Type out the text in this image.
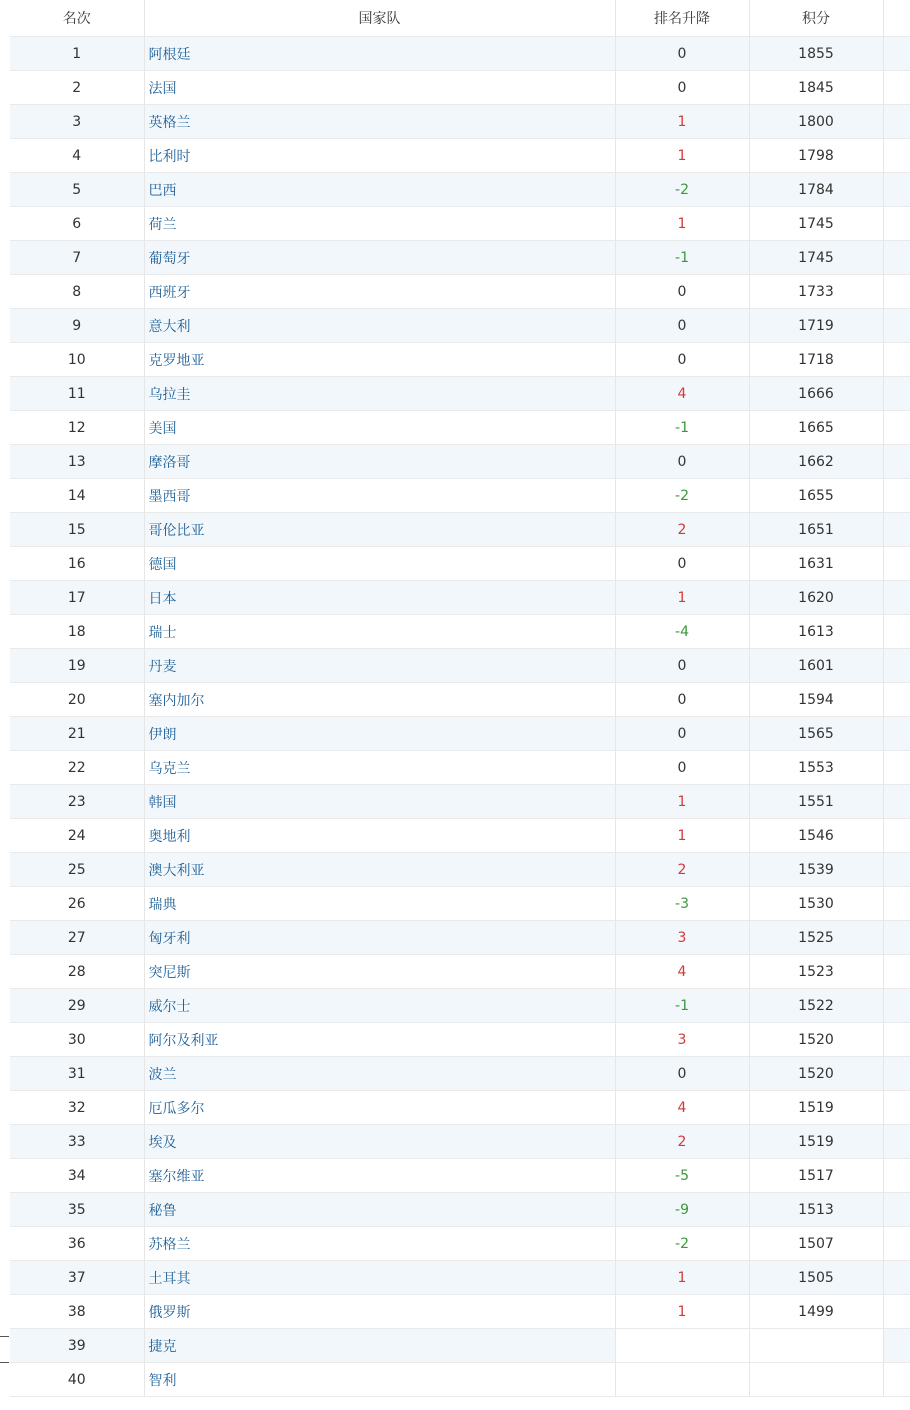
名次	国家队	排名升降	积分	
1	阿根廷	0	1855	
2	法国	0	1845	
3	英格兰	1	1800	
4	比利时	1	1798	
5	巴西	-2	1784	
6	荷兰	1	1745	
7	葡萄牙	-1	1745	
8	西班牙	0	1733	
9	意大利	0	1719	
10	克罗地亚	0	1718	
11	乌拉圭	4	1666	
12	美国	-1	1665	
13	摩洛哥	0	1662	
14	墨西哥	-2	1655	
15	哥伦比亚	2	1651	
16	德国	0	1631	
17	日本	1	1620	
18	瑞士	-4	1613	
19	丹麦	0	1601	
20	塞内加尔	0	1594	
21	伊朗	0	1565	
22	乌克兰	0	1553	
23	韩国	1	1551	
24	奥地利	1	1546	
25	澳大利亚	2	1539	
26	瑞典	-3	1530	
27	匈牙利	3	1525	
28	突尼斯	4	1523	
29	威尔士	-1	1522	
30	阿尔及利亚	3	1520	
31	波兰	0	1520	
32	厄瓜多尔	4	1519	
33	埃及	2	1519	
34	塞尔维亚	-5	1517	
35	秘鲁	-9	1513	
36	苏格兰	-2	1507	
37	土耳其	1	1505	
38	俄罗斯	1	1499	
39	捷克			
40	智利			
